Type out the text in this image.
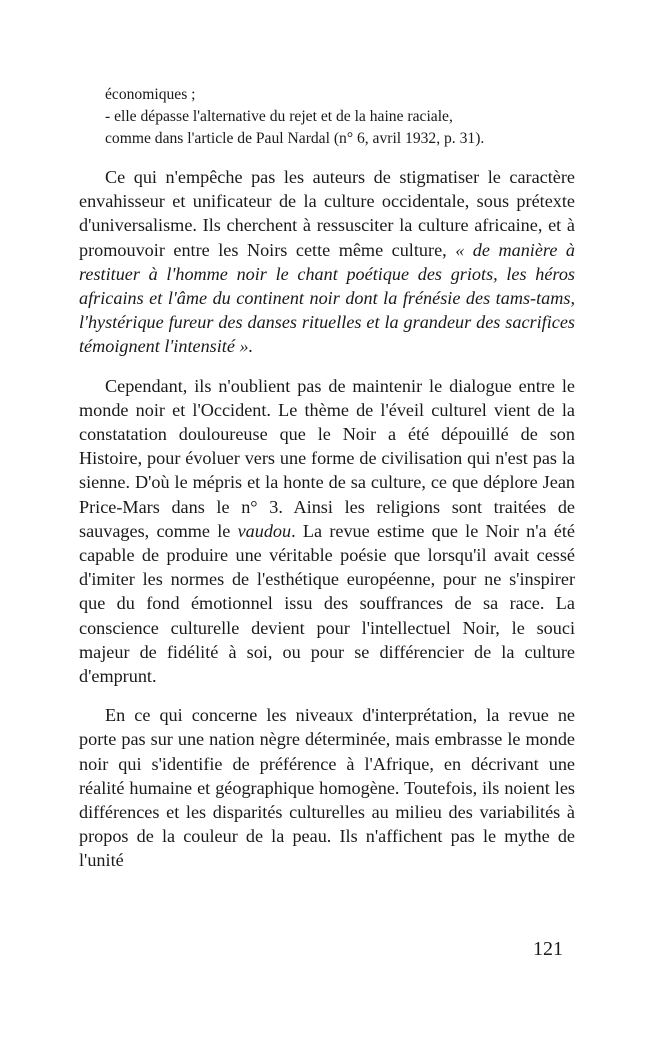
économiques ;

- elle dépasse l'alternative du rejet et de la haine raciale,

comme dans l'article de Paul Nardal (n° 6, avril 1932, p. 31).

Ce qui n'empêche pas les auteurs de stigmatiser le caractère envahisseur et unificateur de la culture occidentale, sous prétexte d'universalisme. Ils cherchent à ressusciter la culture africaine, et à promouvoir entre les Noirs cette même culture, « de manière à restituer à l'homme noir le chant poétique des griots, les héros africains et l'âme du continent noir dont la frénésie des tams-tams, l'hystérique fureur des danses rituelles et la grandeur des sacrifices témoignent l'intensité ».

Cependant, ils n'oublient pas de maintenir le dialogue entre le monde noir et l'Occident. Le thème de l'éveil culturel vient de la constatation douloureuse que le Noir a été dépouillé de son Histoire, pour évoluer vers une forme de civilisation qui n'est pas la sienne. D'où le mépris et la honte de sa culture, ce que déplore Jean Price-Mars dans le n° 3. Ainsi les religions sont traitées de sauvages, comme le vaudou. La revue estime que le Noir n'a été capable de produire une véritable poésie que lorsqu'il avait cessé d'imiter les normes de l'esthétique européenne, pour ne s'inspirer que du fond émotionnel issu des souffrances de sa race. La conscience culturelle devient pour l'intellectuel Noir, le souci majeur de fidélité à soi, ou pour se différencier de la culture d'emprunt.

En ce qui concerne les niveaux d'interprétation, la revue ne porte pas sur une nation nègre déterminée, mais embrasse le monde noir qui s'identifie de préférence à l'Afrique, en décrivant une réalité humaine et géographique homogène. Toutefois, ils noient les différences et les disparités culturelles au milieu des variabilités à propos de la couleur de la peau. Ils n'affichent pas le mythe de l'unité

121
